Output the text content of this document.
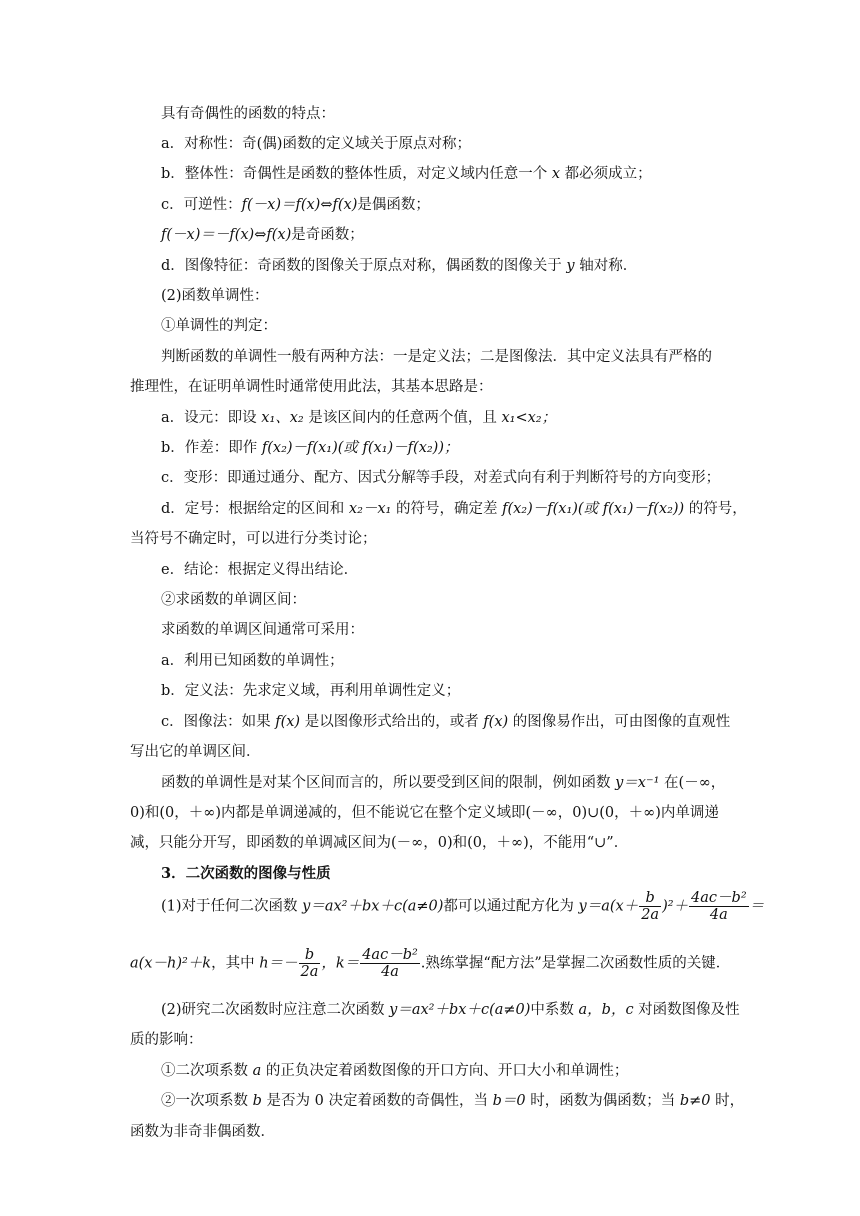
具有奇偶性的函数的特点：
a．对称性：奇(偶)函数的定义域关于原点对称；
b．整体性：奇偶性是函数的整体性质，对定义域内任意一个 x 都必须成立；
c．可逆性：f(－x)＝f(x)⇔f(x)是偶函数；
f(－x)＝－f(x)⇔f(x)是奇函数；
d．图像特征：奇函数的图像关于原点对称，偶函数的图像关于 y 轴对称．
(2)函数单调性：
①单调性的判定：
判断函数的单调性一般有两种方法：一是定义法；二是图像法．其中定义法具有严格的
推理性，在证明单调性时通常使用此法，其基本思路是：
a．设元：即设 x₁、x₂ 是该区间内的任意两个值，且 x₁<x₂；
b．作差：即作 f(x₂)－f(x₁)(或 f(x₁)－f(x₂))；
c．变形：即通过通分、配方、因式分解等手段，对差式向有利于判断符号的方向变形；
d．定号：根据给定的区间和 x₂－x₁ 的符号，确定差 f(x₂)－f(x₁)(或 f(x₁)－f(x₂)) 的符号，
当符号不确定时，可以进行分类讨论；
e．结论：根据定义得出结论．
②求函数的单调区间：
求函数的单调区间通常可采用：
a．利用已知函数的单调性；
b．定义法：先求定义域，再利用单调性定义；
c．图像法：如果 f(x) 是以图像形式给出的，或者 f(x) 的图像易作出，可由图像的直观性
写出它的单调区间．
函数的单调性是对某个区间而言的，所以要受到区间的限制，例如函数 y＝x⁻¹ 在(－∞，
0)和(0，＋∞)内都是单调递减的，但不能说它在整个定义域即(－∞，0)∪(0，＋∞)内单调递
减，只能分开写，即函数的单调减区间为(－∞，0)和(0，＋∞)，不能用“∪”．
3．二次函数的图像与性质
(1)对于任何二次函数 y＝ax²＋bx＋c(a≠0)都可以通过配方化为 $y=a(x+ \frac{b}{2a} )^2+ \frac{\text{4ac－b²}}{4a}$ ＝
a(x－h)²＋k，其中 $h=- \frac{b}{2a}$ ，$k= \frac{\text{4ac－b²}}{4a}$ .熟练掌握“配方法”是掌握二次函数性质的关键．
(2)研究二次函数时应注意二次函数 y＝ax²＋bx＋c(a≠0)中系数 a，b，c 对函数图像及性
质的影响：
①二次项系数 a 的正负决定着函数图像的开口方向、开口大小和单调性；
②一次项系数 b 是否为 0 决定着函数的奇偶性，当 b＝0 时，函数为偶函数；当 b≠0 时，
函数为非奇非偶函数．
